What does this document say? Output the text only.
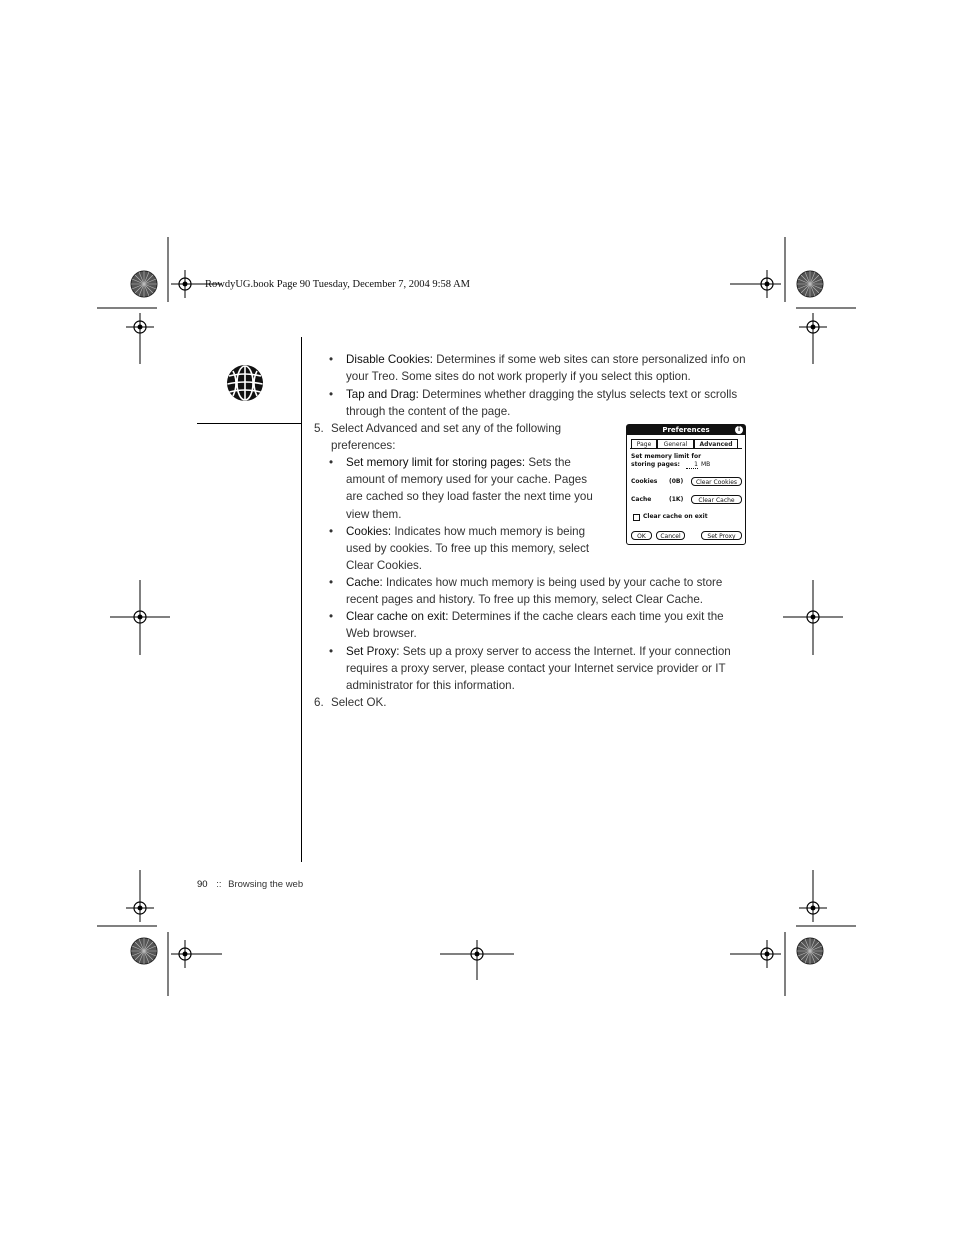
RowdyUG.book Page 90 Tuesday, December 7, 2004 9:58 AM
• Disable Cookies: Determines if some web sites can store personalized info on
your Treo. Some sites do not work properly if you select this option.
• Tap and Drag: Determines whether dragging the stylus selects text or scrolls
through the content of the page.
5. Select Advanced and set any of the following
preferences:
• Set memory limit for storing pages: Sets the
amount of memory used for your cache. Pages
are cached so they load faster the next time you
view them.
• Cookies: Indicates how much memory is being
used by cookies. To free up this memory, select
Clear Cookies.
• Cache: Indicates how much memory is being used by your cache to store
recent pages and history. To free up this memory, select Clear Cache.
• Clear cache on exit: Determines if the cache clears each time you exit the
Web browser.
• Set Proxy: Sets up a proxy server to access the Internet. If your connection
requires a proxy server, please contact your Internet service provider or IT
administrator for this information.
6. Select OK.
Preferences	i
Page	General	Advanced
Set memory limit for
storing pages:	1 MB
Cookies (0B)	Clear Cookies
Cache	(1K)	Clear Cache
Clear cache on exit
OK	Cancel	Set Proxy
90 :: Browsing the web
